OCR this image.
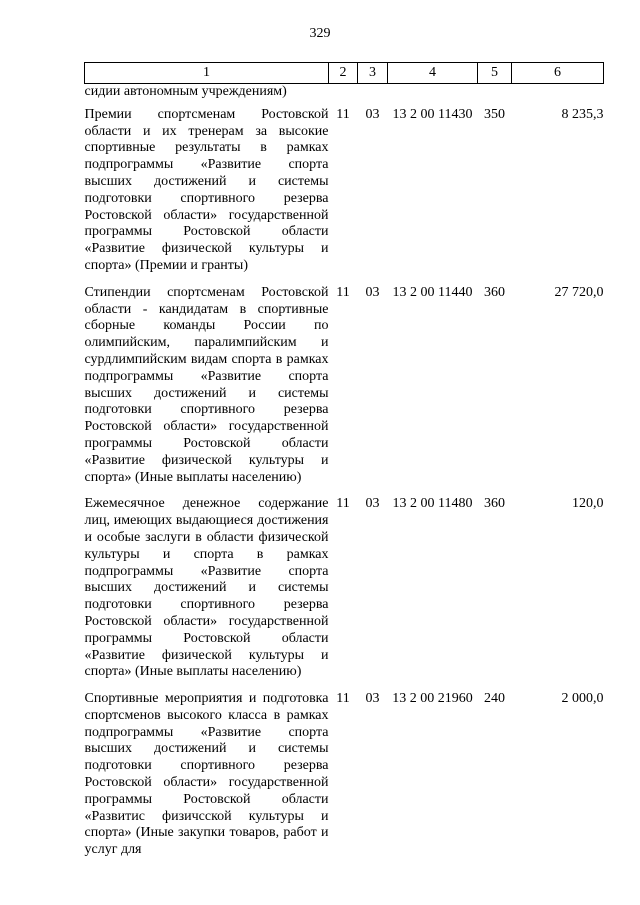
329
1	2	3	4	5	6
сидии автономным учреждениям)					
Премии спортсменам Ростовской области и их тренерам за высокие спортивные результаты в рамках подпрограммы «Развитие спорта высших достижений и системы подготовки спортивного резерва Ростовской области» государственной программы Ростовской области «Развитие физической культуры и спорта» (Премии и гранты)	11	03	13 2 00 11430	350	8 235,3
Стипендии спортсменам Ростовской области - кандидатам в спортивные сборные команды России по олимпийским, паралимпийским и сурдлимпийским видам спорта в рамках подпрограммы «Развитие спорта высших достижений и системы подготовки спортивного резерва Ростовской области» государственной программы Ростовской области «Развитие физической культуры и спорта» (Иные выплаты населению)	11	03	13 2 00 11440	360	27 720,0
Ежемесячное денежное содержание лиц, имеющих выдающиеся достижения и особые заслуги в области физической культуры и спорта в рамках подпрограммы «Развитие спорта высших достижений и системы подготовки спортивного резерва Ростовской области» государственной программы Ростовской области «Развитие физической культуры и спорта» (Иные выплаты населению)	11	03	13 2 00 11480	360	120,0
Спортивные мероприятия и подготовка спортсменов высокого класса в рамках подпрограммы «Развитие спорта высших достижений и системы подготовки спортивного резерва Ростовской области» государственной программы Ростовской области «Развитис физичсской культуры и спорта» (Иные закупки товаров, работ и услуг для	11	03	13 2 00 21960	240	2 000,0
